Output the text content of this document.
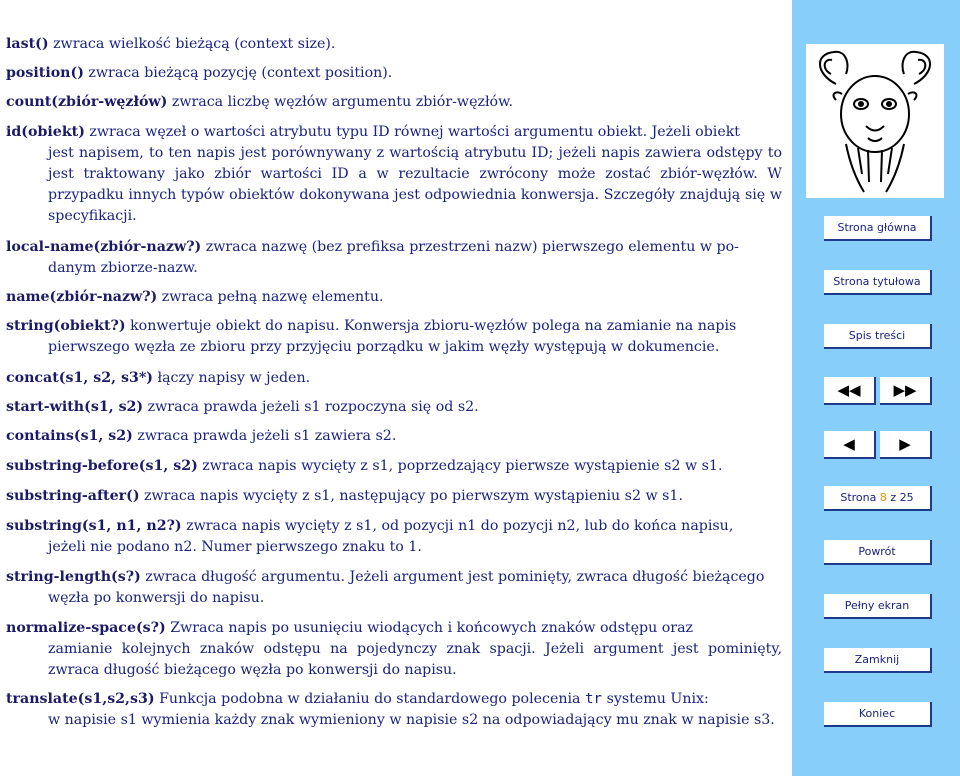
last() zwraca wielkość bieżącą (context size).
position() zwraca bieżącą pozycję (context position).
count(zbiór-węzłów) zwraca liczbę węzłów argumentu zbiór-węzłów.
id(obiekt) zwraca węzeł o wartości atrybutu typu ID równej wartości argumentu obiekt. Jeżeli obiekt
jest napisem, to ten napis jest porównywany z wartością atrybutu ID; jeżeli napis zawiera odstępy to jest traktowany jako zbiór wartości ID a w rezultacie zwrócony może zostać zbiór-węzłów. W przypadku innych typów obiektów dokonywana jest odpowiednia konwersja. Szczegóły znajdują się w specyfikacji.
local-name(zbiór-nazw?) zwraca nazwę (bez prefiksa przestrzeni nazw) pierwszego elementu w po-
danym zbiorze-nazw.
name(zbiór-nazw?) zwraca pełną nazwę elementu.
string(obiekt?) konwertuje obiekt do napisu. Konwersja zbioru-węzłów polega na zamianie na napis
pierwszego węzła ze zbioru przy przyjęciu porządku w jakim węzły występują w dokumencie.
concat(s1, s2, s3*) łączy napisy w jeden.
start-with(s1, s2) zwraca prawda jeżeli s1 rozpoczyna się od s2.
contains(s1, s2) zwraca prawda jeżeli s1 zawiera s2.
substring-before(s1, s2) zwraca napis wycięty z s1, poprzedzający pierwsze wystąpienie s2 w s1.
substring-after() zwraca napis wycięty z s1, następujący po pierwszym wystąpieniu s2 w s1.
substring(s1, n1, n2?) zwraca napis wycięty z s1, od pozycji n1 do pozycji n2, lub do końca napisu,
jeżeli nie podano n2. Numer pierwszego znaku to 1.
string-length(s?) zwraca długość argumentu. Jeżeli argument jest pominięty, zwraca długość bieżącego
węzła po konwersji do napisu.
normalize-space(s?) Zwraca napis po usunięciu wiodących i końcowych znaków odstępu oraz
zamianie kolejnych znaków odstępu na pojedynczy znak spacji. Jeżeli argument jest pominięty, zwraca długość bieżącego węzła po konwersji do napisu.
translate(s1,s2,s3) Funkcja podobna w działaniu do standardowego polecenia tr systemu Unix:
w napisie s1 wymienia każdy znak wymieniony w napisie s2 na odpowiadający mu znak w napisie s3.
Strona główna
Strona tytułowa
Spis treści
◀◀	▶▶
◀	▶
Strona 8 z 25
Powrót
Pełny ekran
Zamknij
Koniec
